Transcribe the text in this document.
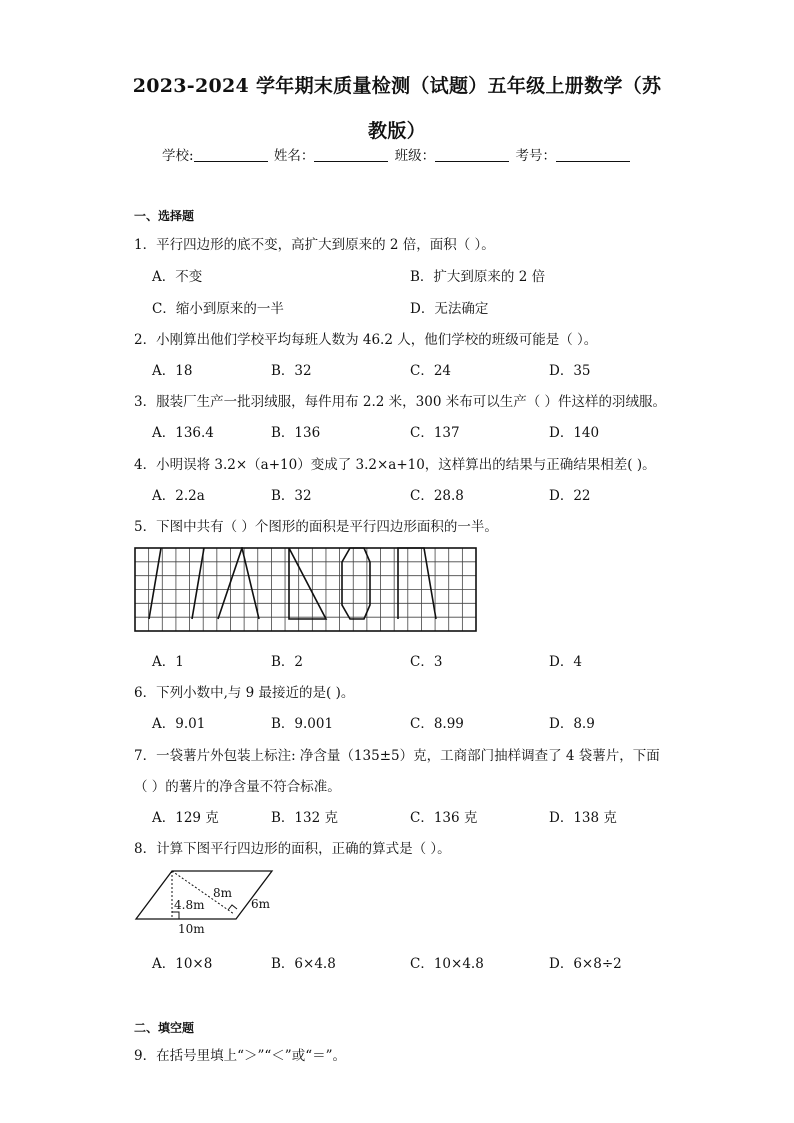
2023-2024 学年期末质量检测（试题）五年级上册数学（苏
教版）
学校:	姓名：	班级：	考号：
一、选择题
1．平行四边形的底不变，高扩大到原来的 2 倍，面积（ ）。
A．不变	B．扩大到原来的 2 倍
C．缩小到原来的一半	D．无法确定
2．小刚算出他们学校平均每班人数为 46.2 人，他们学校的班级可能是（ ）。
A．18	B．32	C．24	D．35
3．服装厂生产一批羽绒服，每件用布 2.2 米，300 米布可以生产（ ）件这样的羽绒服。
A．136.4	B．136	C．137	D．140
4．小明误将 3.2×（a+10）变成了 3.2×a+10，这样算出的结果与正确结果相差( )。
A．2.2a	B．32	C．28.8	D．22
5．下图中共有（ ）个图形的面积是平行四边形面积的一半。
A．1	B．2	C．3	D．4
6．下列小数中,与 9 最接近的是( )。
A．9.01	B．9.001	C．8.99	D．8.9
7．一袋薯片外包装上标注: 净含量（135±5）克，工商部门抽样调查了 4 袋薯片，下面
（ ）的薯片的净含量不符合标准。
A．129 克	B．132 克	C．136 克	D．138 克
8．计算下图平行四边形的面积，正确的算式是（ ）。
4.8m
8m
6m
10m
A．10×8	B．6×4.8	C．10×4.8	D．6×8÷2
二、填空题
9．在括号里填上“＞”“＜”或“＝”。
